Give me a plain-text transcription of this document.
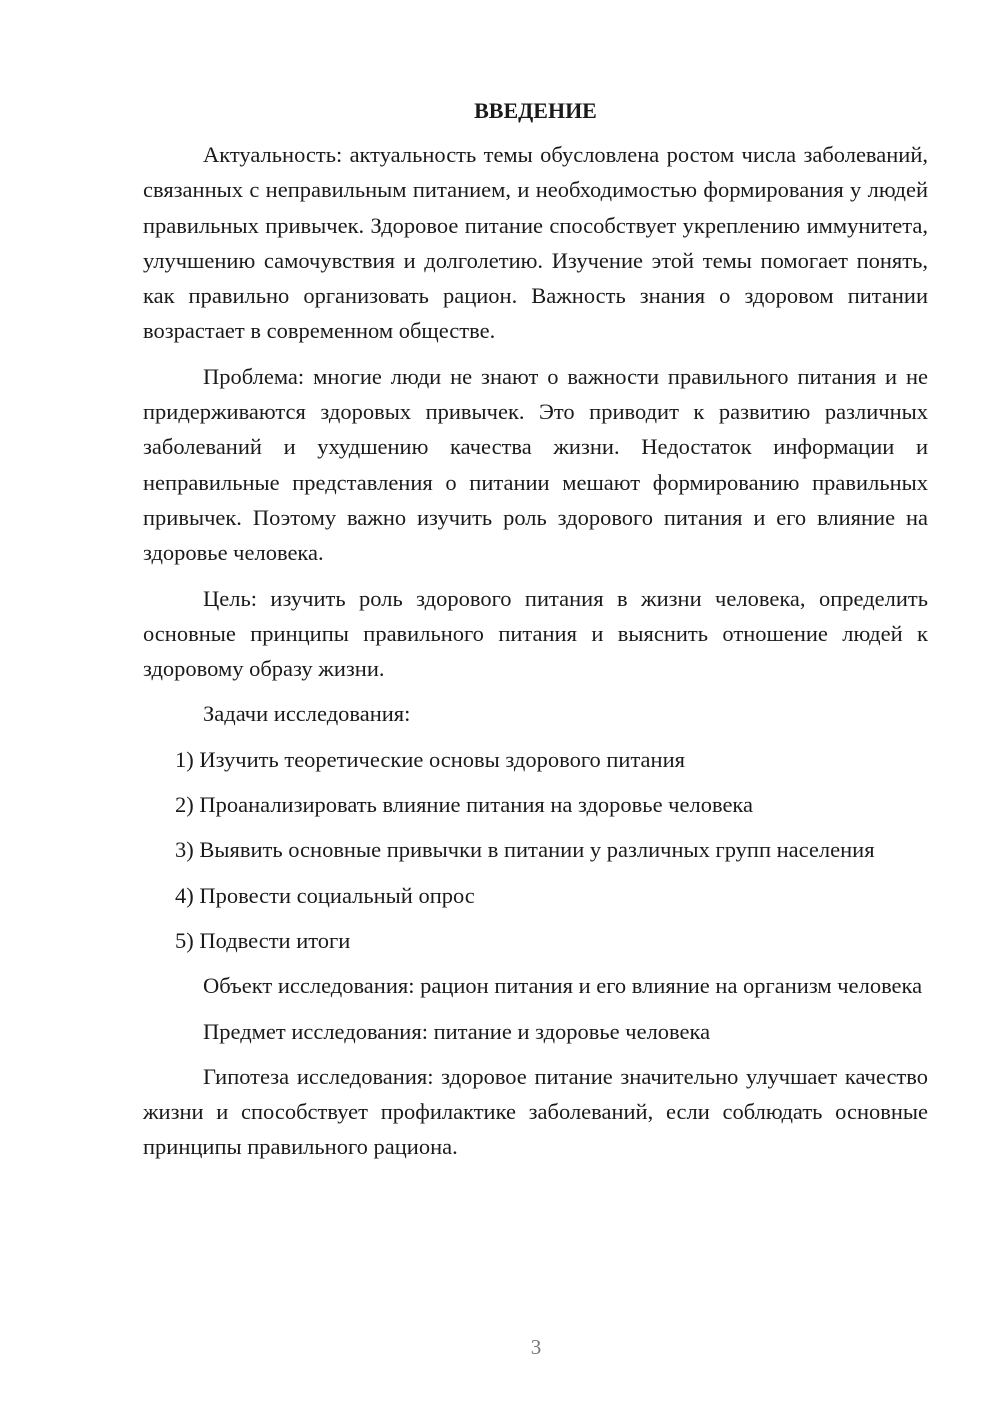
ВВЕДЕНИЕ

Актуальность: актуальность темы обусловлена ростом числа заболеваний, связанных с неправильным питанием, и необходимостью формирования у людей правильных привычек. Здоровое питание способствует укреплению иммунитета, улучшению самочувствия и долголетию. Изучение этой темы помогает понять, как правильно организовать рацион. Важность знания о здоровом питании возрастает в современном обществе.

Проблема: многие люди не знают о важности правильного питания и не придерживаются здоровых привычек. Это приводит к развитию различных заболеваний и ухудшению качества жизни. Недостаток информации и неправильные представления о питании мешают формированию правильных привычек. Поэтому важно изучить роль здорового питания и его влияние на здоровье человека.

Цель: изучить роль здорового питания в жизни человека, определить основные принципы правильного питания и выяснить отношение людей к здоровому образу жизни.

Задачи исследования:

1) Изучить теоретические основы здорового питания

2) Проанализировать влияние питания на здоровье человека

3) Выявить основные привычки в питании у различных групп населения

4) Провести социальный опрос

5) Подвести итоги

Объект исследования: рацион питания и его влияние на организм человека

Предмет исследования: питание и здоровье человека

Гипотеза исследования: здоровое питание значительно улучшает качество жизни и способствует профилактике заболеваний, если соблюдать основные принципы правильного рациона.

3
